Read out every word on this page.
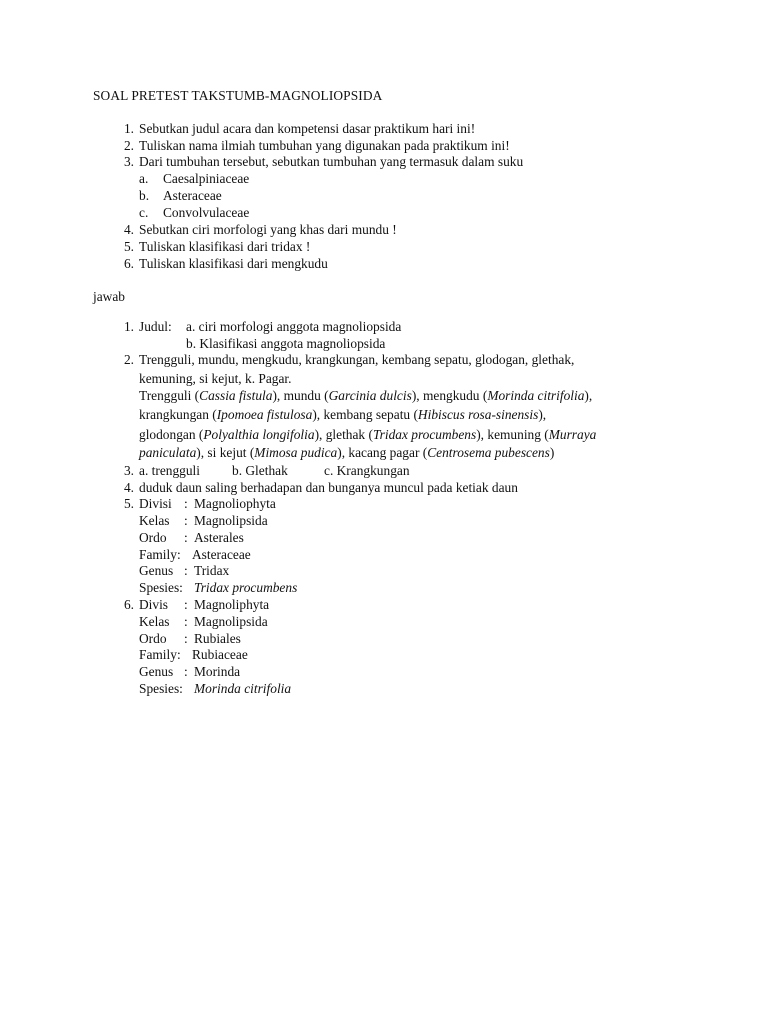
SOAL PRETEST TAKSTUMB-MAGNOLIOPSIDA
1. Sebutkan judul acara dan kompetensi dasar praktikum hari ini!
2. Tuliskan nama ilmiah tumbuhan yang digunakan pada praktikum ini!
3. Dari tumbuhan tersebut, sebutkan tumbuhan yang termasuk dalam suku
a. Caesalpiniaceae
b. Asteraceae
c. Convolvulaceae
4. Sebutkan ciri morfologi yang khas dari mundu !
5. Tuliskan klasifikasi dari tridax !
6. Tuliskan klasifikasi dari mengkudu
jawab
1. Judul: a. ciri morfologi anggota magnoliopsida
b. Klasifikasi anggota magnoliopsida
2. Trengguli, mundu, mengkudu, krangkungan, kembang sepatu, glodogan, glethak,
kemuning, si kejut, k. Pagar.
Trengguli (Cassia fistula), mundu (Garcinia dulcis), mengkudu (Morinda citrifolia),
krangkungan (Ipomoea fistulosa), kembang sepatu (Hibiscus rosa-sinensis),
glodongan (Polyalthia longifolia), glethak (Tridax procumbens), kemuning (Murraya
paniculata), si kejut (Mimosa pudica), kacang pagar (Centrosema pubescens)
3. a. trengguli b. Glethak	c. Krangkungan
4. duduk daun saling berhadapan dan bunganya muncul pada ketiak daun
5. Divisi : Magnoliophyta
Kelas : Magnolipsida
Ordo : Asterales
Family: Asteraceae
Genus : Tridax
Spesies: Tridax procumbens
6. Divis : Magnoliphyta
Kelas : Magnolipsida
Ordo : Rubiales
Family: Rubiaceae
Genus : Morinda
Spesies: Morinda citrifolia
